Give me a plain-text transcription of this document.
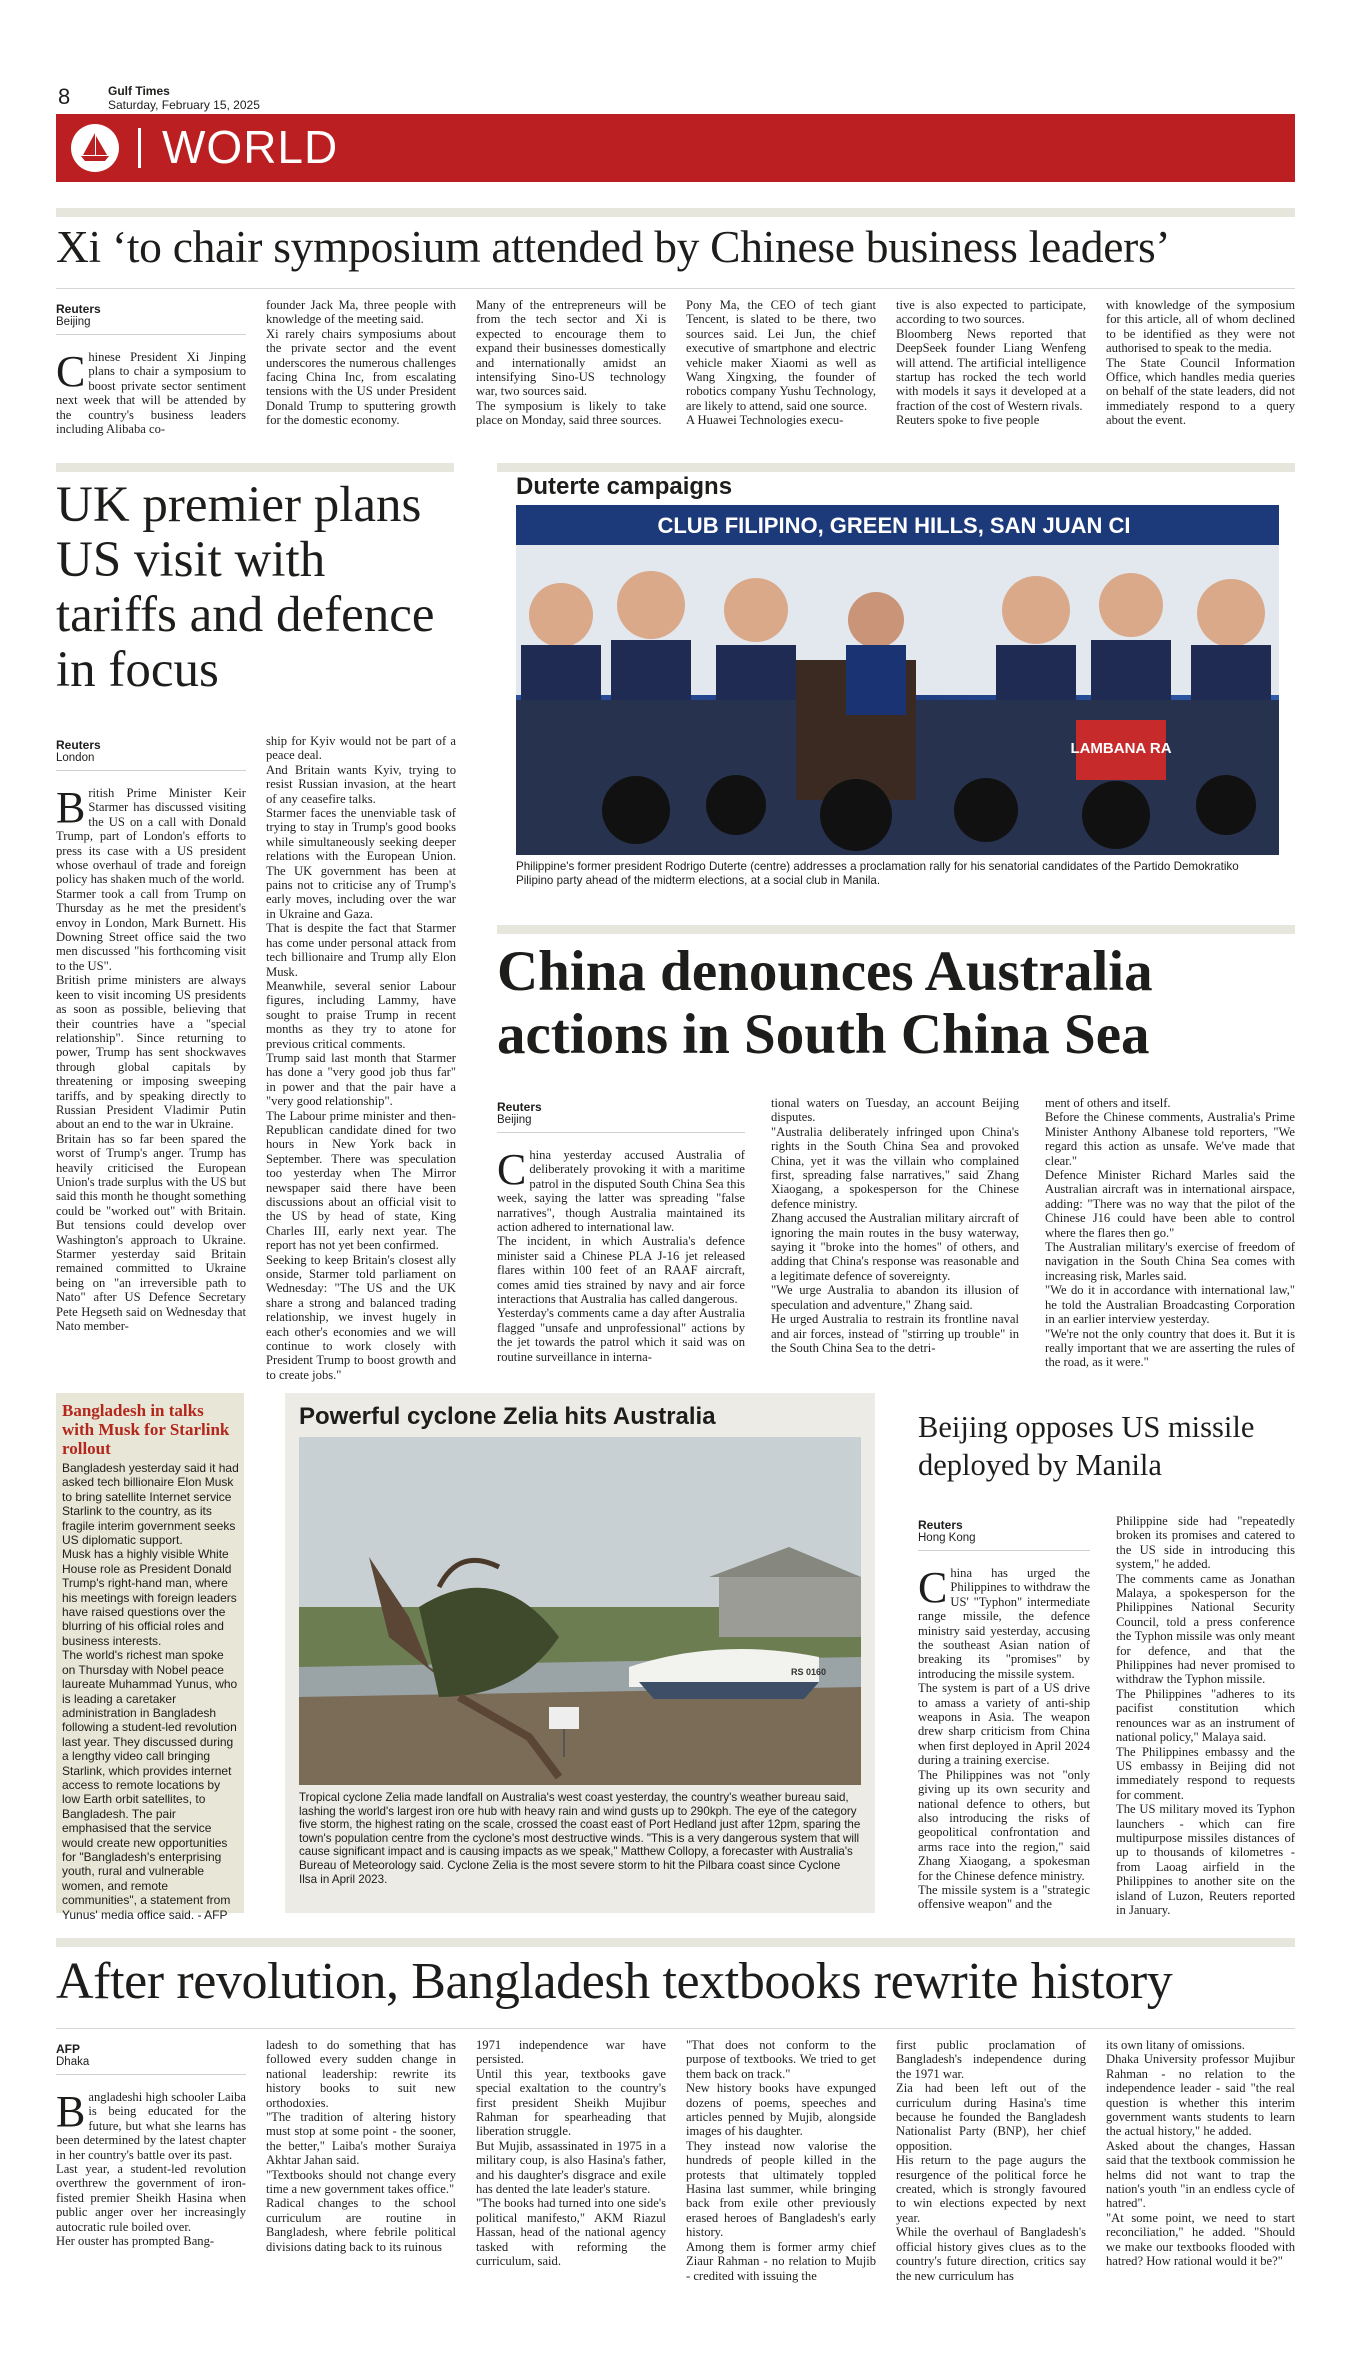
8	Gulf Times
Saturday, February 15, 2025
WORLD
Xi ‘to chair symposium attended by Chinese business leaders’
Reuters
Beijing
Chinese President Xi Jinping plans to chair a symposium to boost private sector sentiment next week that will be attended by the country's business leaders including Alibaba co-
founder Jack Ma, three people with knowledge of the meeting said.
Xi rarely chairs symposiums about the private sector and the event underscores the numerous challenges facing China Inc, from escalating tensions with the US under President Donald Trump to sputtering growth for the domestic economy.
Many of the entrepreneurs will be from the tech sector and Xi is expected to encourage them to expand their businesses domestically and internationally amidst an intensifying Sino-US technology war, two sources said.
The symposium is likely to take place on Monday, said three sources.
Pony Ma, the CEO of tech giant Tencent, is slated to be there, two sources said. Lei Jun, the chief executive of smartphone and electric vehicle maker Xiaomi as well as Wang Xingxing, the founder of robotics company Yushu Technology, are likely to attend, said one source.
A Huawei Technologies execu-
tive is also expected to participate, according to two sources.
Bloomberg News reported that DeepSeek founder Liang Wenfeng will attend. The artificial intelligence startup has rocked the tech world with models it says it developed at a fraction of the cost of Western rivals.
Reuters spoke to five people
with knowledge of the symposium for this article, all of whom declined to be identified as they were not authorised to speak to the media.
The State Council Information Office, which handles media queries on behalf of the state leaders, did not immediately respond to a query about the event.
UK premier plans US visit with tariffs and defence in focus
Reuters
London
British Prime Minister Keir Starmer has discussed visiting the US on a call with Donald Trump, part of London's efforts to press its case with a US president whose overhaul of trade and foreign policy has shaken much of the world.
Starmer took a call from Trump on Thursday as he met the president's envoy in London, Mark Burnett. His Downing Street office said the two men discussed "his forthcoming visit to the US".
British prime ministers are always keen to visit incoming US presidents as soon as possible, believing that their countries have a "special relationship". Since returning to power, Trump has sent shockwaves through global capitals by threatening or imposing sweeping tariffs, and by speaking directly to Russian President Vladimir Putin about an end to the war in Ukraine.
Britain has so far been spared the worst of Trump's anger. Trump has heavily criticised the European Union's trade surplus with the US but said this month he thought something could be "worked out" with Britain. But tensions could develop over Washington's approach to Ukraine. Starmer yesterday said Britain remained committed to Ukraine being on "an irreversible path to Nato" after US Defence Secretary Pete Hegseth said on Wednesday that Nato member-
ship for Kyiv would not be part of a peace deal.
And Britain wants Kyiv, trying to resist Russian invasion, at the heart of any ceasefire talks.
Starmer faces the unenviable task of trying to stay in Trump's good books while simultaneously seeking deeper relations with the European Union. The UK government has been at pains not to criticise any of Trump's early moves, including over the war in Ukraine and Gaza.
That is despite the fact that Starmer has come under personal attack from tech billionaire and Trump ally Elon Musk.
Meanwhile, several senior Labour figures, including Lammy, have sought to praise Trump in recent months as they try to atone for previous critical comments.
Trump said last month that Starmer has done a "very good job thus far" in power and that the pair have a "very good relationship".
The Labour prime minister and then-Republican candidate dined for two hours in New York back in September. There was speculation too yesterday when The Mirror newspaper said there have been discussions about an official visit to the US by head of state, King Charles III, early next year. The report has not yet been confirmed.
Seeking to keep Britain's closest ally onside, Starmer told parliament on Wednesday: "The US and the UK share a strong and balanced trading relationship, we invest hugely in each other's economies and we will continue to work closely with President Trump to boost growth and to create jobs."
Duterte campaigns
CLUB FILIPINO, GREEN HILLS, SAN JUAN CI
LAMBANA RA
Philippine's former president Rodrigo Duterte (centre) addresses a proclamation rally for his senatorial candidates of the Partido Demokratiko Pilipino party ahead of the midterm elections, at a social club in Manila.
China denounces Australia actions in South China Sea
Reuters
Beijing
China yesterday accused Australia of deliberately provoking it with a maritime patrol in the disputed South China Sea this week, saying the latter was spreading "false narratives", though Australia maintained its action adhered to international law.
The incident, in which Australia's defence minister said a Chinese PLA J-16 jet released flares within 100 feet of an RAAF aircraft, comes amid ties strained by navy and air force interactions that Australia has called dangerous.
Yesterday's comments came a day after Australia flagged "unsafe and unprofessional" actions by the jet towards the patrol which it said was on routine surveillance in interna-
tional waters on Tuesday, an account Beijing disputes.
"Australia deliberately infringed upon China's rights in the South China Sea and provoked China, yet it was the villain who complained first, spreading false narratives," said Zhang Xiaogang, a spokesperson for the Chinese defence ministry.
Zhang accused the Australian military aircraft of ignoring the main routes in the busy waterway, saying it "broke into the homes" of others, and adding that China's response was reasonable and a legitimate defence of sovereignty.
"We urge Australia to abandon its illusion of speculation and adventure," Zhang said.
He urged Australia to restrain its frontline naval and air forces, instead of "stirring up trouble" in the South China Sea to the detri-
ment of others and itself.
Before the Chinese comments, Australia's Prime Minister Anthony Albanese told reporters, "We regard this action as unsafe. We've made that clear."
Defence Minister Richard Marles said the Australian aircraft was in international airspace, adding: "There was no way that the pilot of the Chinese J16 could have been able to control where the flares then go."
The Australian military's exercise of freedom of navigation in the South China Sea comes with increasing risk, Marles said.
"We do it in accordance with international law," he told the Australian Broadcasting Corporation in an earlier interview yesterday.
"We're not the only country that does it. But it is really important that we are asserting the rules of the road, as it were."
Bangladesh in talks with Musk for Starlink rollout
Bangladesh yesterday said it had asked tech billionaire Elon Musk to bring satellite Internet service Starlink to the country, as its fragile interim government seeks US diplomatic support.
Musk has a highly visible White House role as President Donald Trump's right-hand man, where his meetings with foreign leaders have raised questions over the blurring of his official roles and business interests.
The world's richest man spoke on Thursday with Nobel peace laureate Muhammad Yunus, who is leading a caretaker administration in Bangladesh following a student-led revolution last year. They discussed during a lengthy video call bringing Starlink, which provides internet access to remote locations by low Earth orbit satellites, to Bangladesh. The pair emphasised that the service would create new opportunities for "Bangladesh's enterprising youth, rural and vulnerable women, and remote communities", a statement from Yunus' media office said. - AFP
Powerful cyclone Zelia hits Australia
RS 0160
Tropical cyclone Zelia made landfall on Australia's west coast yesterday, the country's weather bureau said, lashing the world's largest iron ore hub with heavy rain and wind gusts up to 290kph. The eye of the category five storm, the highest rating on the scale, crossed the coast east of Port Hedland just after 12pm, sparing the town's population centre from the cyclone's most destructive winds. "This is a very dangerous system that will cause significant impact and is causing impacts as we speak," Matthew Collopy, a forecaster with Australia's Bureau of Meteorology said. Cyclone Zelia is the most severe storm to hit the Pilbara coast since Cyclone Ilsa in April 2023.
Beijing opposes US missile deployed by Manila
Reuters
Hong Kong
China has urged the Philippines to withdraw the US' "Typhon" intermediate range missile, the defence ministry said yesterday, accusing the southeast Asian nation of breaking its "promises" by introducing the missile system.
The system is part of a US drive to amass a variety of anti-ship weapons in Asia. The weapon drew sharp criticism from China when first deployed in April 2024 during a training exercise.
The Philippines was not "only giving up its own security and national defence to others, but also introducing the risks of geopolitical confrontation and arms race into the region," said Zhang Xiaogang, a spokesman for the Chinese defence ministry.
The missile system is a "strategic offensive weapon" and the
Philippine side had "repeatedly broken its promises and catered to the US side in introducing this system," he added.
The comments came as Jonathan Malaya, a spokesperson for the Philippines National Security Council, told a press conference the Typhon missile was only meant for defence, and that the Philippines had never promised to withdraw the Typhon missile.
The Philippines "adheres to its pacifist constitution which renounces war as an instrument of national policy," Malaya said.
The Philippines embassy and the US embassy in Beijing did not immediately respond to requests for comment.
The US military moved its Typhon launchers - which can fire multipurpose missiles distances of up to thousands of kilometres - from Laoag airfield in the Philippines to another site on the island of Luzon, Reuters reported in January.
After revolution, Bangladesh textbooks rewrite history
AFP
Dhaka
Bangladeshi high schooler Laiba is being educated for the future, but what she learns has been determined by the latest chapter in her country's battle over its past.
Last year, a student-led revolution overthrew the government of iron-fisted premier Sheikh Hasina when public anger over her increasingly autocratic rule boiled over.
Her ouster has prompted Bang-
ladesh to do something that has followed every sudden change in national leadership: rewrite its history books to suit new orthodoxies.
"The tradition of altering history must stop at some point - the sooner, the better," Laiba's mother Suraiya Akhtar Jahan said.
"Textbooks should not change every time a new government takes office."
Radical changes to the school curriculum are routine in Bangladesh, where febrile political divisions dating back to its ruinous
1971 independence war have persisted.
Until this year, textbooks gave special exaltation to the country's first president Sheikh Mujibur Rahman for spearheading that liberation struggle.
But Mujib, assassinated in 1975 in a military coup, is also Hasina's father, and his daughter's disgrace and exile has dented the late leader's stature.
"The books had turned into one side's political manifesto," AKM Riazul Hassan, head of the national agency tasked with reforming the curriculum, said.
"That does not conform to the purpose of textbooks. We tried to get them back on track."
New history books have expunged dozens of poems, speeches and articles penned by Mujib, alongside images of his daughter.
They instead now valorise the hundreds of people killed in the protests that ultimately toppled Hasina last summer, while bringing back from exile other previously erased heroes of Bangladesh's early history.
Among them is former army chief Ziaur Rahman - no relation to Mujib - credited with issuing the
first public proclamation of Bangladesh's independence during the 1971 war.
Zia had been left out of the curriculum during Hasina's time because he founded the Bangladesh Nationalist Party (BNP), her chief opposition.
His return to the page augurs the resurgence of the political force he created, which is strongly favoured to win elections expected by next year.
While the overhaul of Bangladesh's official history gives clues as to the country's future direction, critics say the new curriculum has
its own litany of omissions.
Dhaka University professor Mujibur Rahman - no relation to the independence leader - said "the real question is whether this interim government wants students to learn the actual history," he added.
Asked about the changes, Hassan said that the textbook commission he helms did not want to trap the nation's youth "in an endless cycle of hatred".
"At some point, we need to start reconciliation," he added. "Should we make our textbooks flooded with hatred? How rational would it be?"
